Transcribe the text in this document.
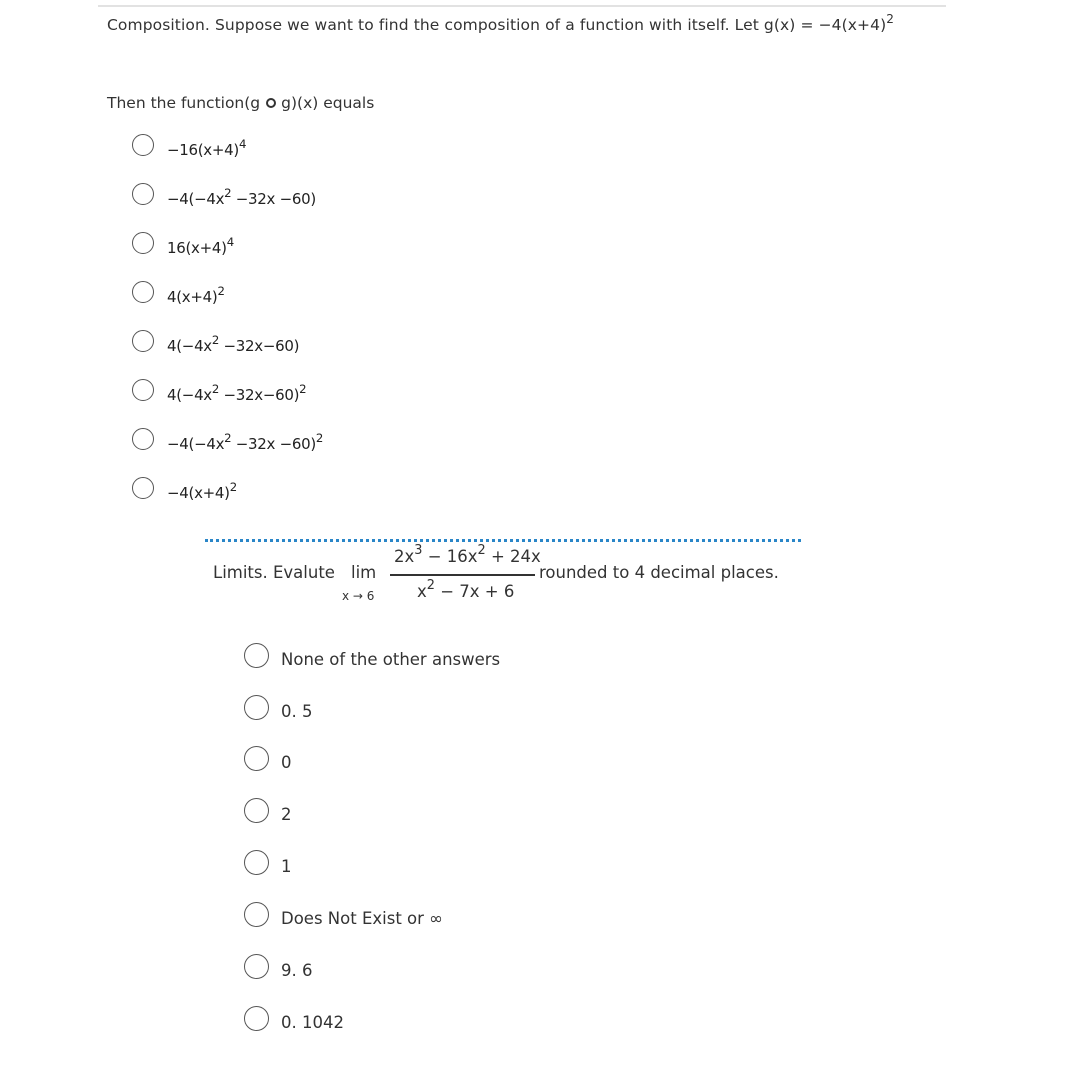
Composition. Suppose we want to find the composition of a function with itself. Let $g(x) = -4(x+4)^2$
Then the function(g g)(x) equals
$-16(x+4)^4$
$-4(-4x^2 -32x -60)$
$16(x+4)^4$
$4(x+4)^2$
$4(-4x^2 -32x-60)$
$4(-4x^2 -32x-60)^2$
$-4(-4x^2 -32x -60)^2$
$-4(x+4)^2$
Limits. Evalute lim
x → 6
$2x^3 - 16x^2 + 24x$
$x^2 - 7x + 6$
rounded to 4 decimal places.
None of the other answers
0. 5
0
2
1
Does Not Exist or ∞
9. 6
0. 1042
